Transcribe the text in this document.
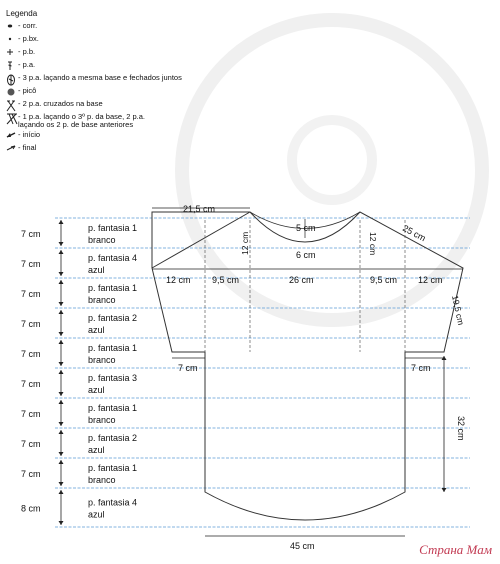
Legenda
- corr.
- p.bx.
- p.b.
- p.a.
- 3 p.a. laçando a mesma base e fechados juntos
- picô
- 2 p.a. cruzados na base
- 1 p.a. laçando o 3º p. da base, 2 p.a.
laçando os 2 p. de base anteriores
- início
- final
7 cm
p. fantasia 1
branco
7 cm
p. fantasia 4
azul
7 cm
p. fantasia 1
branco
7 cm
p. fantasia 2
azul
7 cm
p. fantasia 1
branco
7 cm
p. fantasia 3
azul
7 cm
p. fantasia 1
branco
7 cm
p. fantasia 2
azul
7 cm
p. fantasia 1
branco
8 cm
p. fantasia 4
azul
21,5 cm
5 cm
6 cm
12 cm	12 cm	25 cm
19,5 cm
12 cm 9,5 cm	26 cm	9,5 cm 12 cm
7 cm	7 cm
32 cm
45 cm	Страна Мам
